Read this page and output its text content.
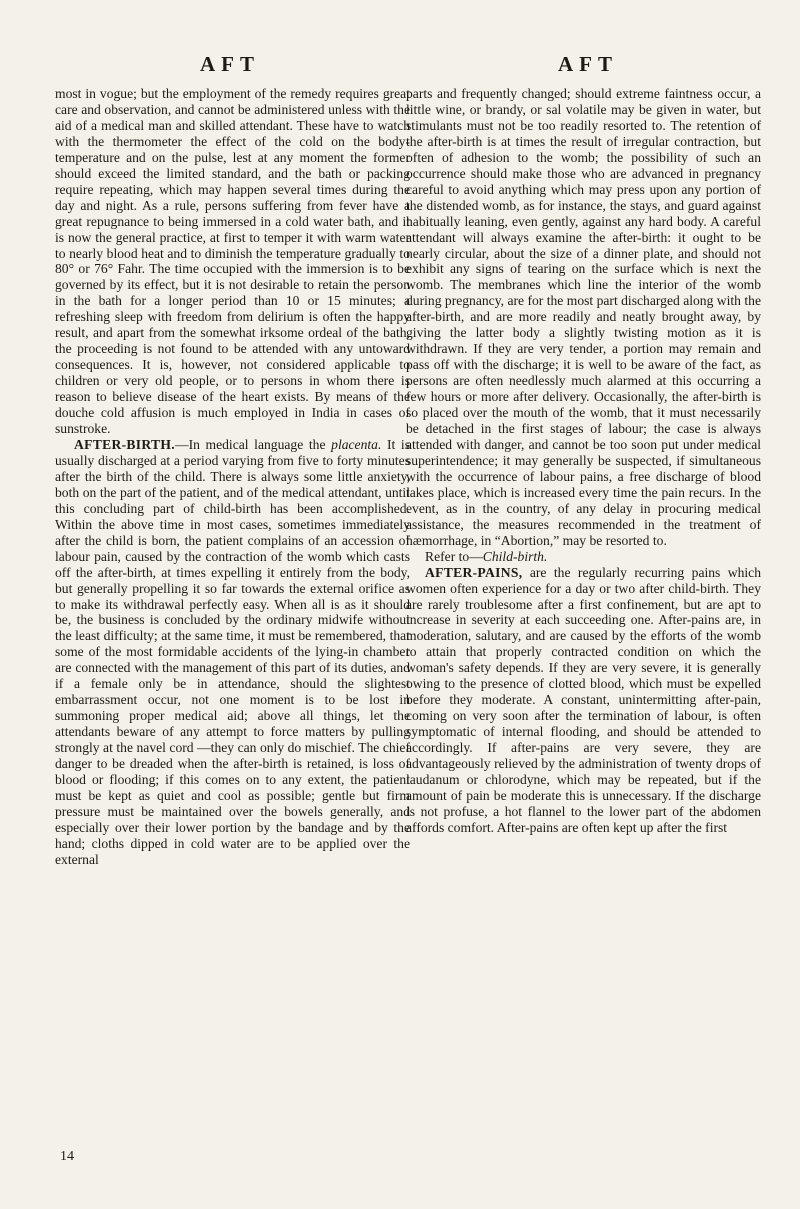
AFT	AFT

most in vogue; but the employment of the remedy requires great care and observation, and cannot be administered unless with the aid of a medical man and skilled attendant. These have to watch with the thermometer the effect of the cold on the body-temperature and on the pulse, lest at any moment the former should exceed the limited standard, and the bath or packing require repeating, which may happen several times during the day and night. As a rule, persons suffering from fever have a great repugnance to being immersed in a cold water bath, and it is now the general practice, at first to temper it with warm water to nearly blood heat and to diminish the temperature gradually to 80° or 76° Fahr. The time occupied with the immersion is to be governed by its effect, but it is not desirable to retain the person in the bath for a longer period than 10 or 15 minutes; a refreshing sleep with freedom from delirium is often the happy result, and apart from the somewhat irksome ordeal of the bath, the proceeding is not found to be attended with any untoward consequences. It is, however, not considered applicable to children or very old people, or to persons in whom there is reason to believe disease of the heart exists. By means of the douche cold affusion is much employed in India in cases of sunstroke.

AFTER-BIRTH.—In medical language the placenta. It is usually discharged at a period varying from five to forty minutes after the birth of the child. There is always some little anxiety, both on the part of the patient, and of the medical attendant, until this concluding part of child-birth has been accomplished. Within the above time in most cases, sometimes immediately after the child is born, the patient complains of an accession of labour pain, caused by the contraction of the womb which casts off the after-birth, at times expelling it entirely from the body, but generally propelling it so far towards the external orifice as to make its withdrawal perfectly easy. When all is as it should be, the business is concluded by the ordinary midwife without the least difficulty; at the same time, it must be remembered, that some of the most formidable accidents of the lying-in chamber are connected with the management of this part of its duties, and if a female only be in attendance, should the slightest embarrassment occur, not one moment is to be lost in summoning proper medical aid; above all things, let the attendants beware of any attempt to force matters by pulling strongly at the navel cord —they can only do mischief. The chief danger to be dreaded when the after-birth is retained, is loss of blood or flooding; if this comes on to any extent, the patient must be kept as quiet and cool as possible; gentle but firm pressure must be maintained over the bowels generally, and especially over their lower portion by the bandage and by the hand; cloths dipped in cold water are to be applied over the external

parts and frequently changed; should extreme faintness occur, a little wine, or brandy, or sal volatile may be given in water, but stimulants must not be too readily resorted to. The retention of the after-birth is at times the result of irregular contraction, but often of adhesion to the womb; the possibility of such an occurrence should make those who are advanced in pregnancy careful to avoid anything which may press upon any portion of the distended womb, as for instance, the stays, and guard against habitually leaning, even gently, against any hard body. A careful attendant will always examine the after-birth: it ought to be nearly circular, about the size of a dinner plate, and should not exhibit any signs of tearing on the surface which is next the womb. The membranes which line the interior of the womb during pregnancy, are for the most part discharged along with the after-birth, and are more readily and neatly brought away, by giving the latter body a slightly twisting motion as it is withdrawn. If they are very tender, a portion may remain and pass off with the discharge; it is well to be aware of the fact, as persons are often needlessly much alarmed at this occurring a few hours or more after delivery. Occasionally, the after-birth is so placed over the mouth of the womb, that it must necessarily be detached in the first stages of labour; the case is always attended with danger, and cannot be too soon put under medical superintendence; it may generally be suspected, if simultaneous with the occurrence of labour pains, a free discharge of blood takes place, which is increased every time the pain recurs. In the event, as in the country, of any delay in procuring medical assistance, the measures recommended in the treatment of hæmorrhage, in “Abortion,” may be resorted to.

Refer to—Child-birth.

AFTER-PAINS, are the regularly recurring pains which women often experience for a day or two after child-birth. They are rarely troublesome after a first confinement, but are apt to increase in severity at each succeeding one. After-pains are, in moderation, salutary, and are caused by the efforts of the womb to attain that properly contracted condition on which the woman's safety depends. If they are very severe, it is generally owing to the presence of clotted blood, which must be expelled before they moderate. A constant, unintermitting after-pain, coming on very soon after the termination of labour, is often symptomatic of internal flooding, and should be attended to accordingly. If after-pains are very severe, they are advantageously relieved by the administration of twenty drops of laudanum or chlorodyne, which may be repeated, but if the amount of pain be moderate this is unnecessary. If the discharge is not profuse, a hot flannel to the lower part of the abdomen affords comfort. After-pains are often kept up after the first

14
